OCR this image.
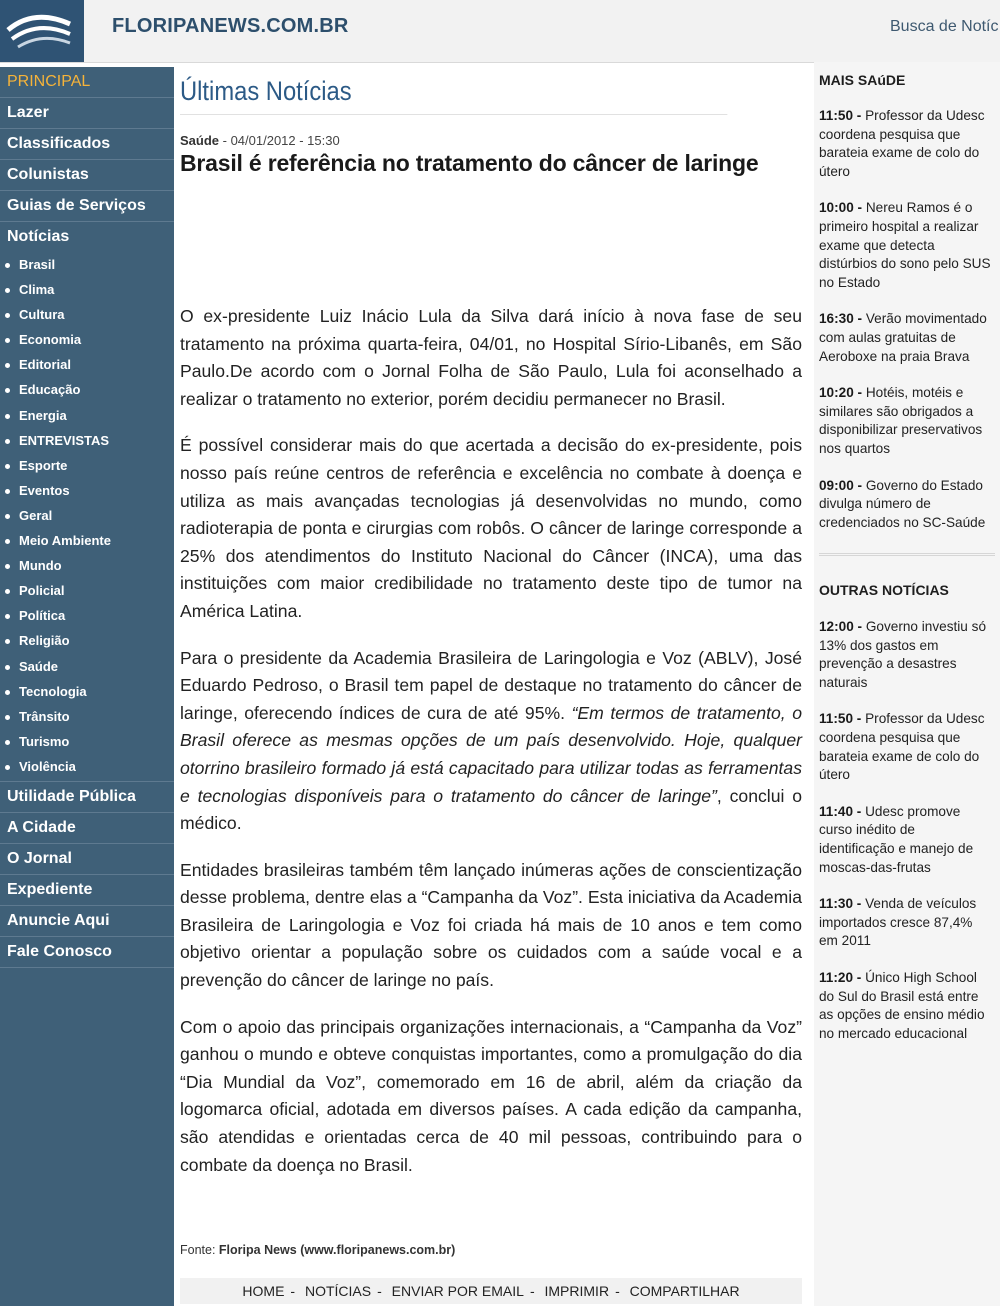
FLORIPANEWS.COM.BR	Busca de Notíc
PRINCIPAL
Lazer
Classificados
Colunistas
Guias de Serviços
Notícias
Brasil
Clima
Cultura
Economia
Editorial
Educação
Energia
ENTREVISTAS
Esporte
Eventos
Geral
Meio Ambiente
Mundo
Policial
Política
Religião
Saúde
Tecnologia
Trânsito
Turismo
Violência
Utilidade Pública
A Cidade
O Jornal
Expediente
Anuncie Aqui
Fale Conosco
Últimas Notícias
Saúde - 04/01/2012 - 15:30
Brasil é referência no tratamento do câncer de laringe

O ex-presidente Luiz Inácio Lula da Silva dará início à nova fase de seu tratamento na próxima quarta-feira, 04/01, no Hospital Sírio-Libanês, em São Paulo.De acordo com o Jornal Folha de São Paulo, Lula foi aconselhado a realizar o tratamento no exterior, porém decidiu permanecer no Brasil.

É possível considerar mais do que acertada a decisão do ex-presidente, pois nosso país reúne centros de referência e excelência no combate à doença e utiliza as mais avançadas tecnologias já desenvolvidas no mundo, como radioterapia de ponta e cirurgias com robôs. O câncer de laringe corresponde a 25% dos atendimentos do Instituto Nacional do Câncer (INCA), uma das instituições com maior credibilidade no tratamento deste tipo de tumor na América Latina.

Para o presidente da Academia Brasileira de Laringologia e Voz (ABLV), José Eduardo Pedroso, o Brasil tem papel de destaque no tratamento do câncer de laringe, oferecendo índices de cura de até 95%. “Em termos de tratamento, o Brasil oferece as mesmas opções de um país desenvolvido. Hoje, qualquer otorrino brasileiro formado já está capacitado para utilizar todas as ferramentas e tecnologias disponíveis para o tratamento do câncer de laringe”, conclui o médico.

Entidades brasileiras também têm lançado inúmeras ações de conscientização desse problema, dentre elas a “Campanha da Voz”. Esta iniciativa da Academia Brasileira de Laringologia e Voz foi criada há mais de 10 anos e tem como objetivo orientar a população sobre os cuidados com a saúde vocal e a prevenção do câncer de laringe no país.

Com o apoio das principais organizações internacionais, a “Campanha da Voz” ganhou o mundo e obteve conquistas importantes, como a promulgação do dia “Dia Mundial da Voz”, comemorado em 16 de abril, além da criação da logomarca oficial, adotada em diversos países. A cada edição da campanha, são atendidas e orientadas cerca de 40 mil pessoas, contribuindo para o combate da doença no Brasil.

Fonte: Floripa News (www.floripanews.com.br)
HOME - NOTÍCIAS - ENVIAR POR EMAIL - IMPRIMIR - COMPARTILHAR
MAIS SAúDE
11:50 - Professor da Udesc
coordena pesquisa que
barateia exame de colo do
útero
10:00 - Nereu Ramos é o
primeiro hospital a realizar
exame que detecta
distúrbios do sono pelo SUS
no Estado
16:30 - Verão movimentado
com aulas gratuitas de
Aeroboxe na praia Brava
10:20 - Hotéis, motéis e
similares são obrigados a
disponibilizar preservativos
nos quartos
09:00 - Governo do Estado
divulga número de
credenciados no SC-Saúde
OUTRAS NOTÍCIAS
12:00 - Governo investiu só
13% dos gastos em
prevenção a desastres
naturais
11:50 - Professor da Udesc
coordena pesquisa que
barateia exame de colo do
útero
11:40 - Udesc promove
curso inédito de
identificação e manejo de
moscas-das-frutas
11:30 - Venda de veículos
importados cresce 87,4%
em 2011
11:20 - Único High School
do Sul do Brasil está entre
as opções de ensino médio
no mercado educacional
